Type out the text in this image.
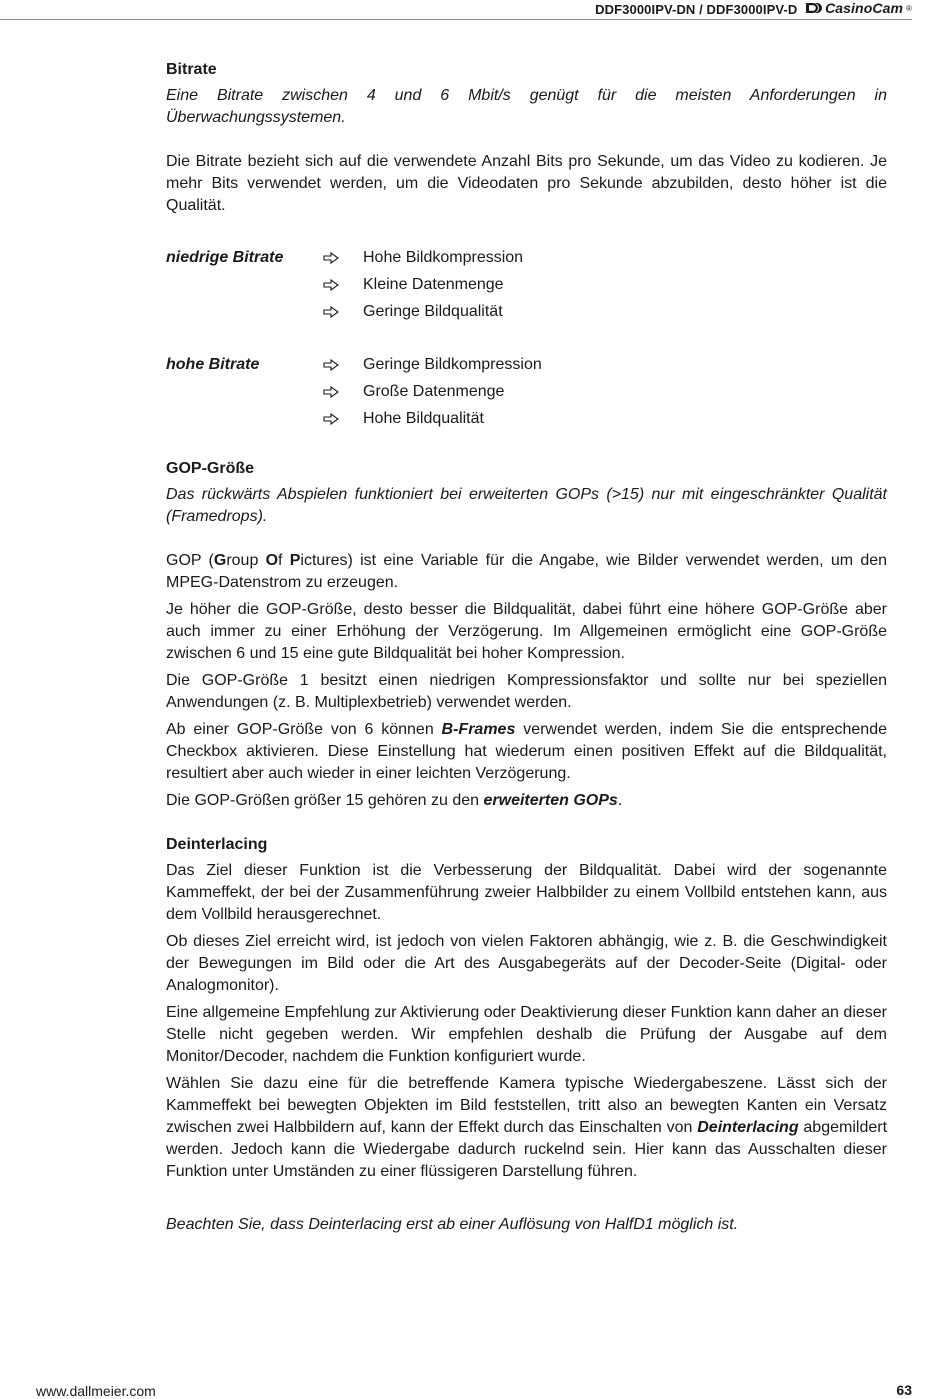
DDF3000IPV-DN / DDF3000IPV-D CasinoCam ®
Bitrate

Eine Bitrate zwischen 4 und 6 Mbit/s genügt für die meisten Anforderungen in Überwachungssystemen.

Die Bitrate bezieht sich auf die verwendete Anzahl Bits pro Sekunde, um das Video zu kodieren. Je mehr Bits verwendet werden, um die Videodaten pro Sekunde abzubilden, desto höher ist die Qualität.

niedrige Bitrate	Hohe Bildkompression
Kleine Datenmenge
Geringe Bildqualität
hohe Bitrate	Geringe Bildkompression
Große Datenmenge
Hohe Bildqualität
GOP-Größe

Das rückwärts Abspielen funktioniert bei erweiterten GOPs (>15) nur mit eingeschränkter Qualität (Framedrops).

GOP (Group Of Pictures) ist eine Variable für die Angabe, wie Bilder verwendet werden, um den MPEG-Datenstrom zu erzeugen.

Je höher die GOP-Größe, desto besser die Bildqualität, dabei führt eine höhere GOP-Größe aber auch immer zu einer Erhöhung der Verzögerung. Im Allgemeinen ermöglicht eine GOP-Größe zwischen 6 und 15 eine gute Bildqualität bei hoher Kompression.

Die GOP-Größe 1 besitzt einen niedrigen Kompressionsfaktor und sollte nur bei speziellen Anwendungen (z. B. Multiplexbetrieb) verwendet werden.

Ab einer GOP-Größe von 6 können B-Frames verwendet werden, indem Sie die entsprechende Checkbox aktivieren. Diese Einstellung hat wiederum einen positiven Effekt auf die Bildqualität, resultiert aber auch wieder in einer leichten Verzögerung.

Die GOP-Größen größer 15 gehören zu den erweiterten GOPs.

Deinterlacing

Das Ziel dieser Funktion ist die Verbesserung der Bildqualität. Dabei wird der sogenannte Kammeffekt, der bei der Zusammenführung zweier Halbbilder zu einem Vollbild entstehen kann, aus dem Vollbild herausgerechnet.

Ob dieses Ziel erreicht wird, ist jedoch von vielen Faktoren abhängig, wie z. B. die Geschwindigkeit der Bewegungen im Bild oder die Art des Ausgabegeräts auf der Decoder-Seite (Digital- oder Analogmonitor).

Eine allgemeine Empfehlung zur Aktivierung oder Deaktivierung dieser Funktion kann daher an dieser Stelle nicht gegeben werden. Wir empfehlen deshalb die Prüfung der Ausgabe auf dem Monitor/Decoder, nachdem die Funktion konfiguriert wurde.

Wählen Sie dazu eine für die betreffende Kamera typische Wiedergabeszene. Lässt sich der Kammeffekt bei bewegten Objekten im Bild feststellen, tritt also an bewegten Kanten ein Versatz zwischen zwei Halbbildern auf, kann der Effekt durch das Einschalten von Deinterlacing abgemildert werden. Jedoch kann die Wiedergabe dadurch ruckelnd sein. Hier kann das Ausschalten dieser Funktion unter Umständen zu einer flüssigeren Darstellung führen.

Beachten Sie, dass Deinterlacing erst ab einer Auflösung von HalfD1 möglich ist.

www.dallmeier.com	63
